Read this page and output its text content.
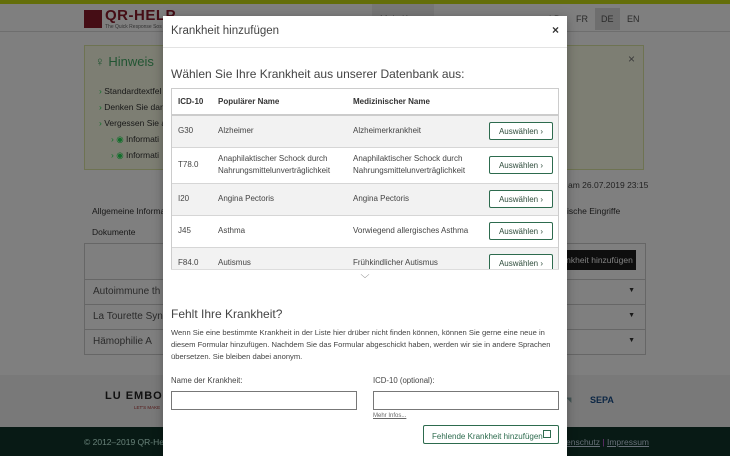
Krankheit hinzufügen	×
Wählen Sie Ihre Krankheit aus unserer Datenbank aus:
ICD-10	Populärer Name	Medizinischer Name	
G30	Alzheimer	Alzheimerkrankheit	Auswählen ›
T78.0	Anaphilaktischer Schock durch Nahrungsmittelunverträglichkeit	Anaphilaktischer Schock durch Nahrungsmittelunverträglichkeit	Auswählen ›
I20	Angina Pectoris	Angina Pectoris	Auswählen ›
J45	Asthma	Vorwiegend allergisches Asthma	Auswählen ›
F84.0	Autismus	Frühkindlicher Autismus	Auswählen ›
﹀
Fehlt Ihre Krankheit?
Wenn Sie eine bestimmte Krankheit in der Liste hier drüber nicht finden können, können Sie gerne eine neue in diesem Formular hinzufügen. Nachdem Sie das Formular abgeschickt haben, werden wir sie in andere Sprachen übersetzen. Sie bleiben dabei anonym.
Name der Krankheit:	ICD-10 (optional):
Mehr Infos...
Fehlende Krankheit hinzufügen
